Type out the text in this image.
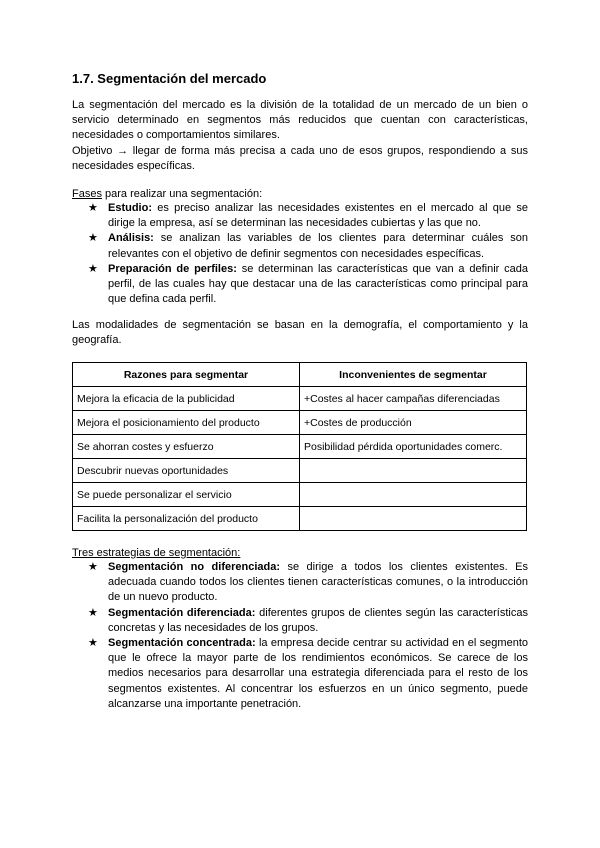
1.7. Segmentación del mercado

La segmentación del mercado es la división de la totalidad de un mercado de un bien o servicio determinado en segmentos más reducidos que cuentan con características, necesidades o comportamientos similares.

Objetivo → llegar de forma más precisa a cada uno de esos grupos, respondiendo a sus necesidades específicas.

Fases para realizar una segmentación:
★ Estudio: es preciso analizar las necesidades existentes en el mercado al que se dirige la empresa, así se determinan las necesidades cubiertas y las que no.
★ Análisis: se analizan las variables de los clientes para determinar cuáles son relevantes con el objetivo de definir segmentos con necesidades específicas.
★ Preparación de perfiles: se determinan las características que van a definir cada perfil, de las cuales hay que destacar una de las características como principal para que defina cada perfil.

Las modalidades de segmentación se basan en la demografía, el comportamiento y la geografía.

Razones para segmentar	Inconvenientes de segmentar
Mejora la eficacia de la publicidad	+Costes al hacer campañas diferenciadas
Mejora el posicionamiento del producto	+Costes de producción
Se ahorran costes y esfuerzo	Posibilidad pérdida oportunidades comerc.
Descubrir nuevas oportunidades	
Se puede personalizar el servicio	
Facilita la personalización del producto	
Tres estrategias de segmentación:
★ Segmentación no diferenciada: se dirige a todos los clientes existentes. Es adecuada cuando todos los clientes tienen características comunes, o la introducción de un nuevo producto.
★ Segmentación diferenciada: diferentes grupos de clientes según las características concretas y las necesidades de los grupos.
★ Segmentación concentrada: la empresa decide centrar su actividad en el segmento que le ofrece la mayor parte de los rendimientos económicos. Se carece de los medios necesarios para desarrollar una estrategia diferenciada para el resto de los segmentos existentes. Al concentrar los esfuerzos en un único segmento, puede alcanzarse una importante penetración.
